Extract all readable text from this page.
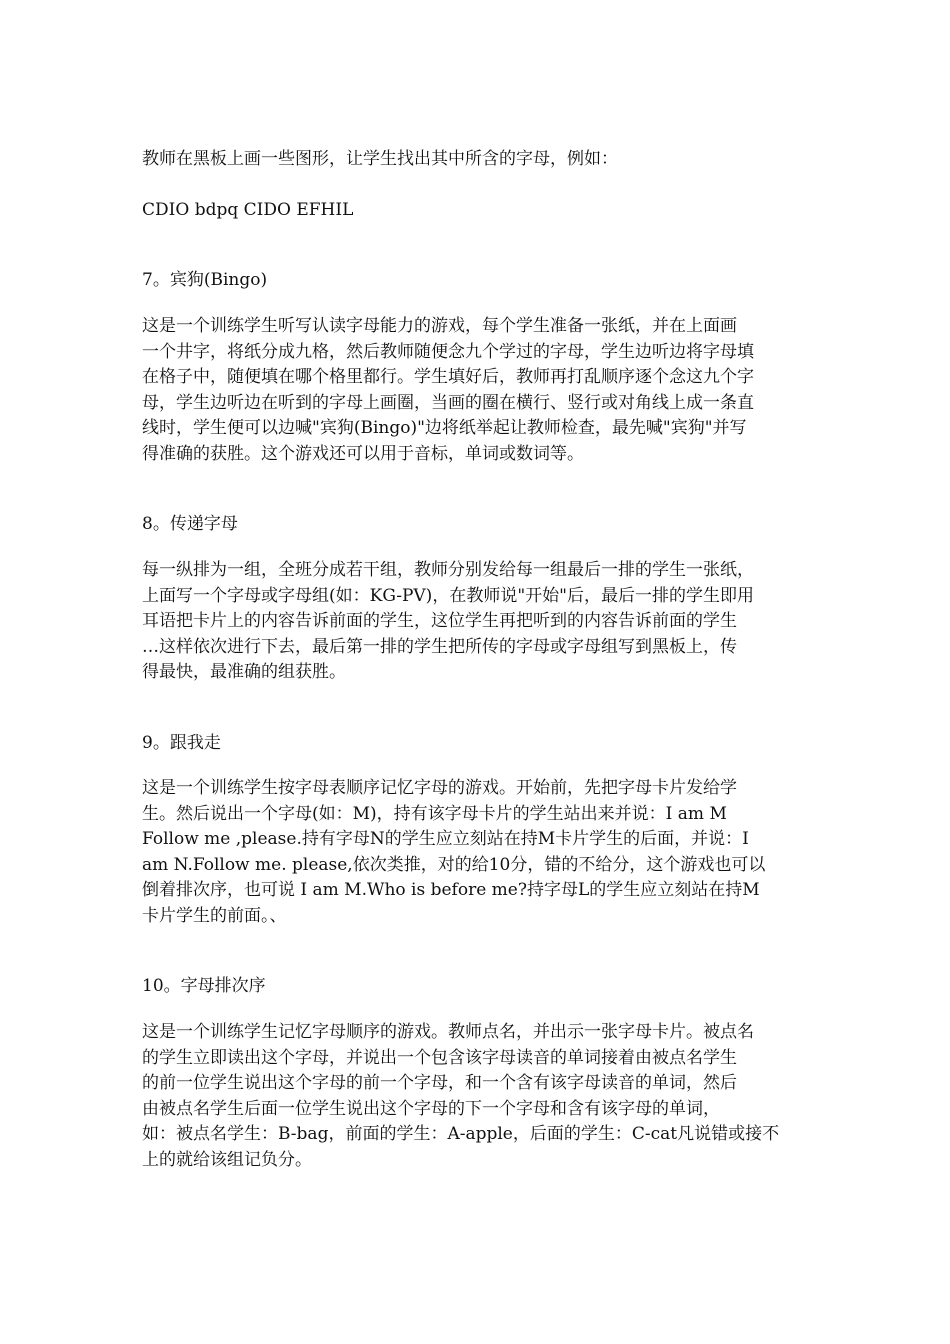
教师在黑板上画一些图形，让学生找出其中所含的字母，例如：

CDIO bdpq CIDO EFHIL

7。宾狗(Bingo)

这是一个训练学生听写认读字母能力的游戏，每个学生准备一张纸，并在上面画
一个井字，将纸分成九格，然后教师随便念九个学过的字母，学生边听边将字母填
在格子中，随便填在哪个格里都行。学生填好后，教师再打乱顺序逐个念这九个字
母，学生边听边在听到的字母上画圈，当画的圈在横行、竖行或对角线上成一条直
线时，学生便可以边喊"宾狗(Bingo)"边将纸举起让教师检查，最先喊"宾狗"并写
得准确的获胜。这个游戏还可以用于音标，单词或数词等。

8。传递字母

每一纵排为一组，全班分成若干组，教师分别发给每一组最后一排的学生一张纸，
上面写一个字母或字母组(如：KG-PV)，在教师说"开始"后，最后一排的学生即用
耳语把卡片上的内容告诉前面的学生，这位学生再把听到的内容告诉前面的学生
…这样依次进行下去，最后第一排的学生把所传的字母或字母组写到黑板上，传
得最快，最准确的组获胜。

9。跟我走

这是一个训练学生按字母表顺序记忆字母的游戏。开始前，先把字母卡片发给学
生。然后说出一个字母(如：M)，持有该字母卡片的学生站出来并说：I am M
Follow me ,please.持有字母N的学生应立刻站在持M卡片学生的后面，并说：I
am N.Follow me. please,依次类推，对的给10分，错的不给分，这个游戏也可以
倒着排次序，也可说 I am M.Who is before me?持字母L的学生应立刻站在持M
卡片学生的前面。、

10。字母排次序

这是一个训练学生记忆字母顺序的游戏。教师点名，并出示一张字母卡片。被点名
的学生立即读出这个字母，并说出一个包含该字母读音的单词接着由被点名学生
的前一位学生说出这个字母的前一个字母，和一个含有该字母读音的单词，然后
由被点名学生后面一位学生说出这个字母的下一个字母和含有该字母的单词，
如：被点名学生：B-bag，前面的学生：A-apple，后面的学生：C-cat凡说错或接不
上的就给该组记负分。
